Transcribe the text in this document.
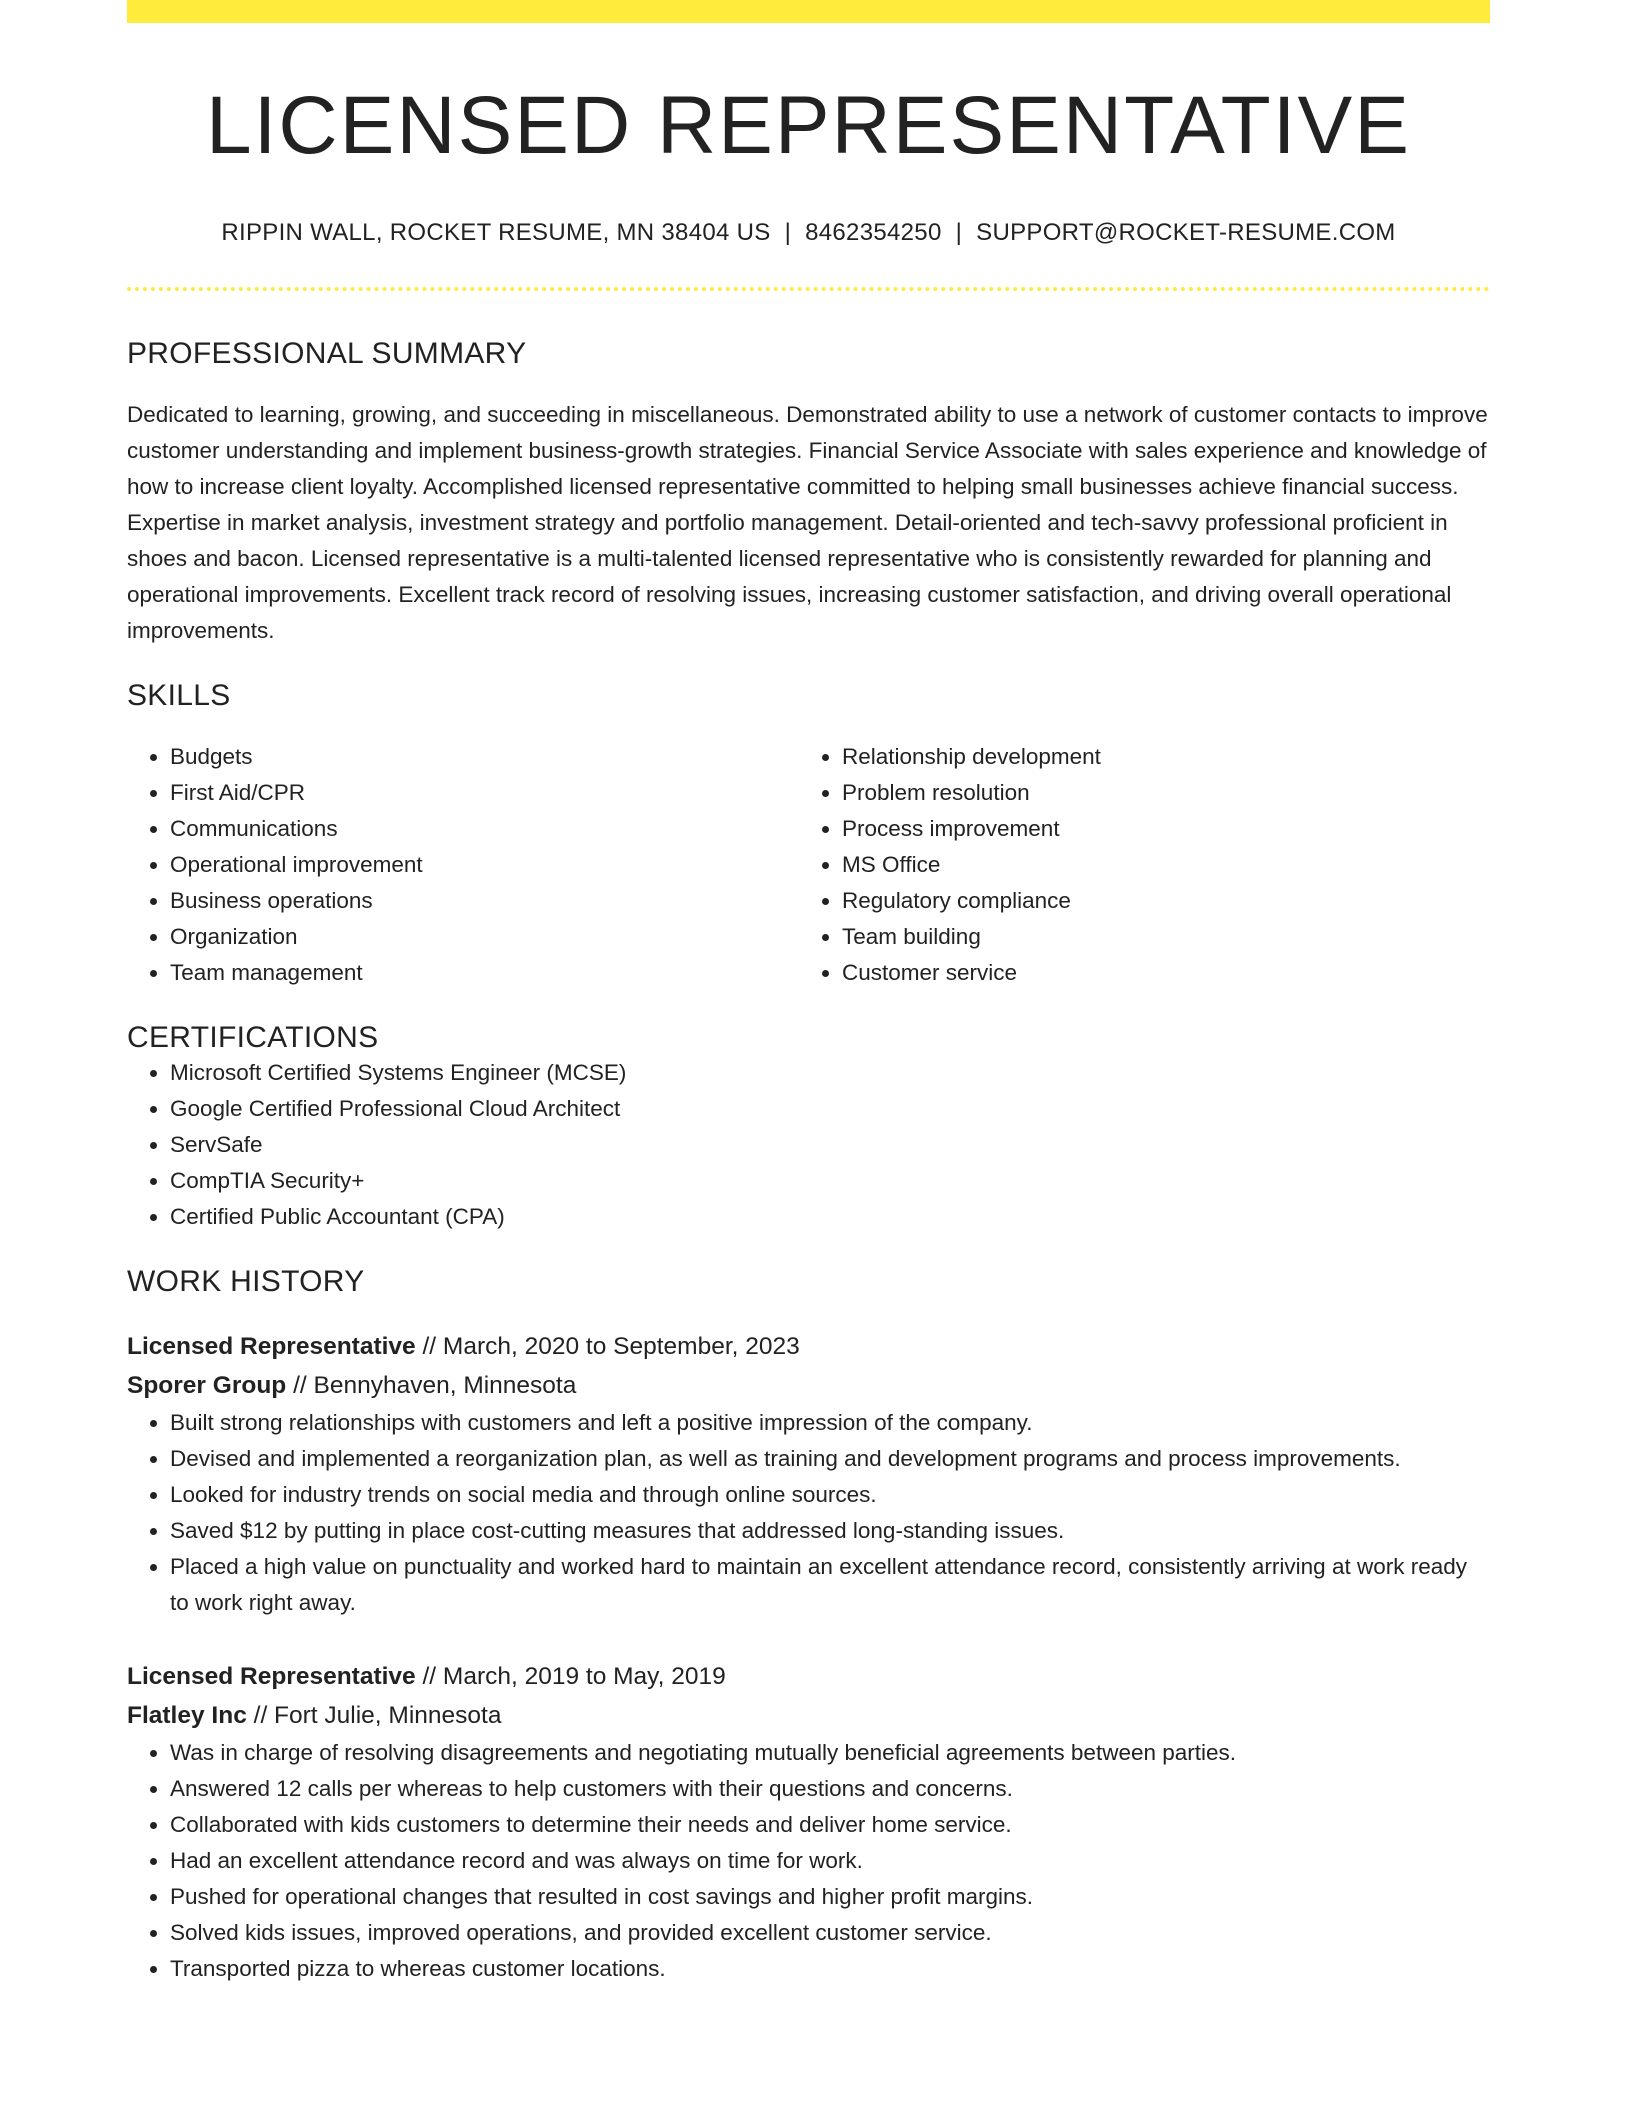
LICENSED REPRESENTATIVE
RIPPIN WALL, ROCKET RESUME, MN 38404 US | 8462354250 | SUPPORT@ROCKET-RESUME.COM
PROFESSIONAL SUMMARY
Dedicated to learning, growing, and succeeding in miscellaneous. Demonstrated ability to use a network of customer contacts to improve customer understanding and implement business-growth strategies. Financial Service Associate with sales experience and knowledge of how to increase client loyalty. Accomplished licensed representative committed to helping small businesses achieve financial success. Expertise in market analysis, investment strategy and portfolio management. Detail-oriented and tech-savvy professional proficient in shoes and bacon. Licensed representative is a multi-talented licensed representative who is consistently rewarded for planning and operational improvements. Excellent track record of resolving issues, increasing customer satisfaction, and driving overall operational improvements.
SKILLS
• Budgets
• First Aid/CPR
• Communications
• Operational improvement
• Business operations
• Organization
• Team management
• Relationship development
• Problem resolution
• Process improvement
• MS Office
• Regulatory compliance
• Team building
• Customer service
CERTIFICATIONS
• Microsoft Certified Systems Engineer (MCSE)
• Google Certified Professional Cloud Architect
• ServSafe
• CompTIA Security+
• Certified Public Accountant (CPA)
WORK HISTORY
Licensed Representative // March, 2020 to September, 2023
Sporer Group // Bennyhaven, Minnesota
• Built strong relationships with customers and left a positive impression of the company.
• Devised and implemented a reorganization plan, as well as training and development programs and process improvements.
• Looked for industry trends on social media and through online sources.
• Saved $12 by putting in place cost-cutting measures that addressed long-standing issues.
• Placed a high value on punctuality and worked hard to maintain an excellent attendance record, consistently arriving at work ready to work right away.
Licensed Representative // March, 2019 to May, 2019
Flatley Inc // Fort Julie, Minnesota
• Was in charge of resolving disagreements and negotiating mutually beneficial agreements between parties.
• Answered 12 calls per whereas to help customers with their questions and concerns.
• Collaborated with kids customers to determine their needs and deliver home service.
• Had an excellent attendance record and was always on time for work.
• Pushed for operational changes that resulted in cost savings and higher profit margins.
• Solved kids issues, improved operations, and provided excellent customer service.
• Transported pizza to whereas customer locations.
